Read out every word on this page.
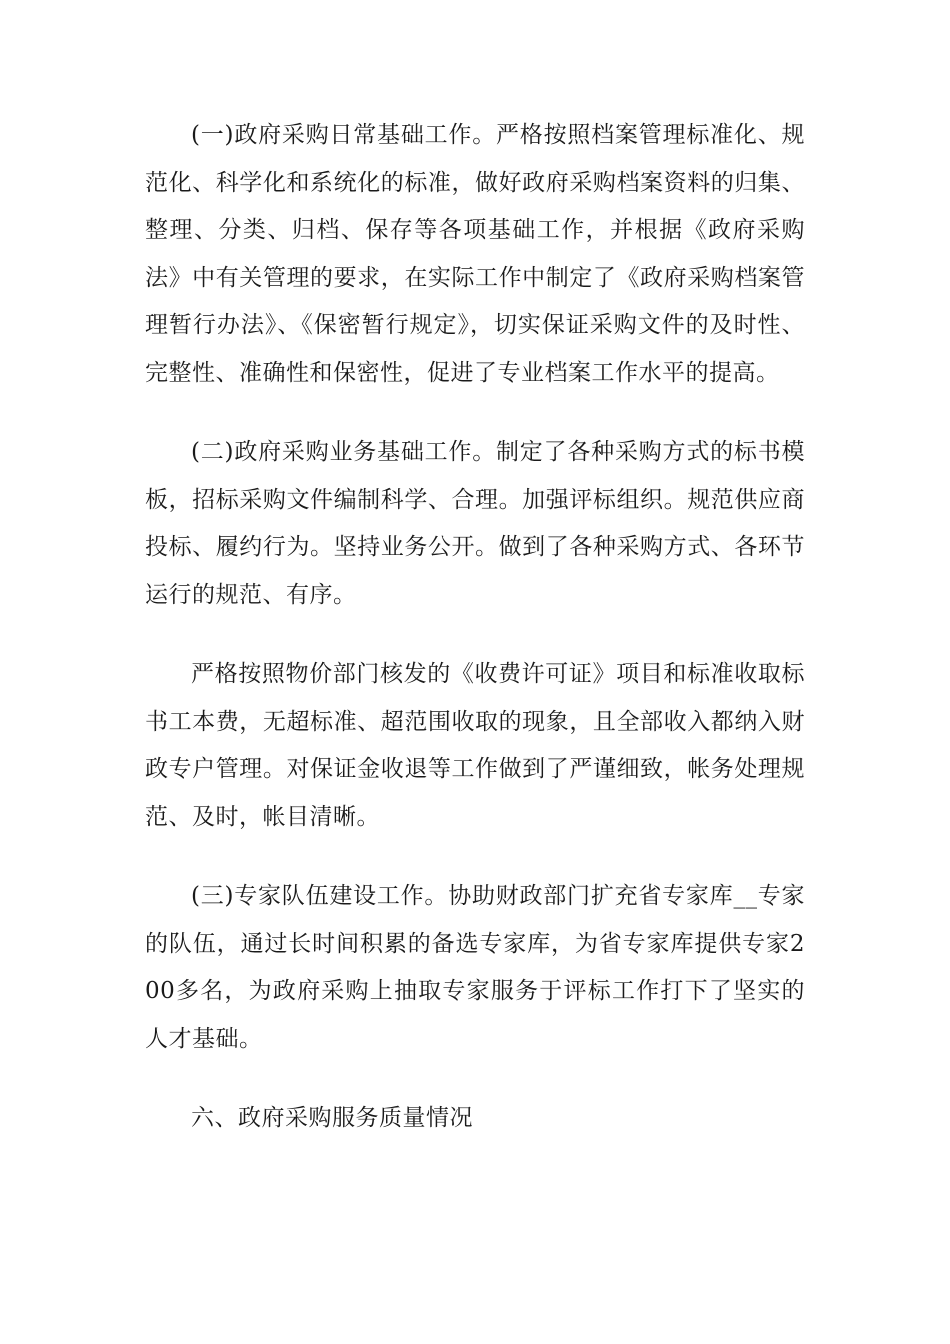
(一)政府采购日常基础工作。严格按照档案管理标准化、规范化、科学化和系统化的标准，做好政府采购档案资料的归集、整理、分类、归档、保存等各项基础工作，并根据《政府采购法》中有关管理的要求，在实际工作中制定了《政府采购档案管理暂行办法》、《保密暂行规定》，切实保证采购文件的及时性、完整性、准确性和保密性，促进了专业档案工作水平的提高。

(二)政府采购业务基础工作。制定了各种采购方式的标书模板，招标采购文件编制科学、合理。加强评标组织。规范供应商投标、履约行为。坚持业务公开。做到了各种采购方式、各环节运行的规范、有序。

严格按照物价部门核发的《收费许可证》项目和标准收取标书工本费，无超标准、超范围收取的现象，且全部收入都纳入财政专户管理。对保证金收退等工作做到了严谨细致，帐务处理规范、及时，帐目清晰。

(三)专家队伍建设工作。协助财政部门扩充省专家库__专家的队伍，通过长时间积累的备选专家库，为省专家库提供专家200多名，为政府采购上抽取专家服务于评标工作打下了坚实的人才基础。

六、政府采购服务质量情况
